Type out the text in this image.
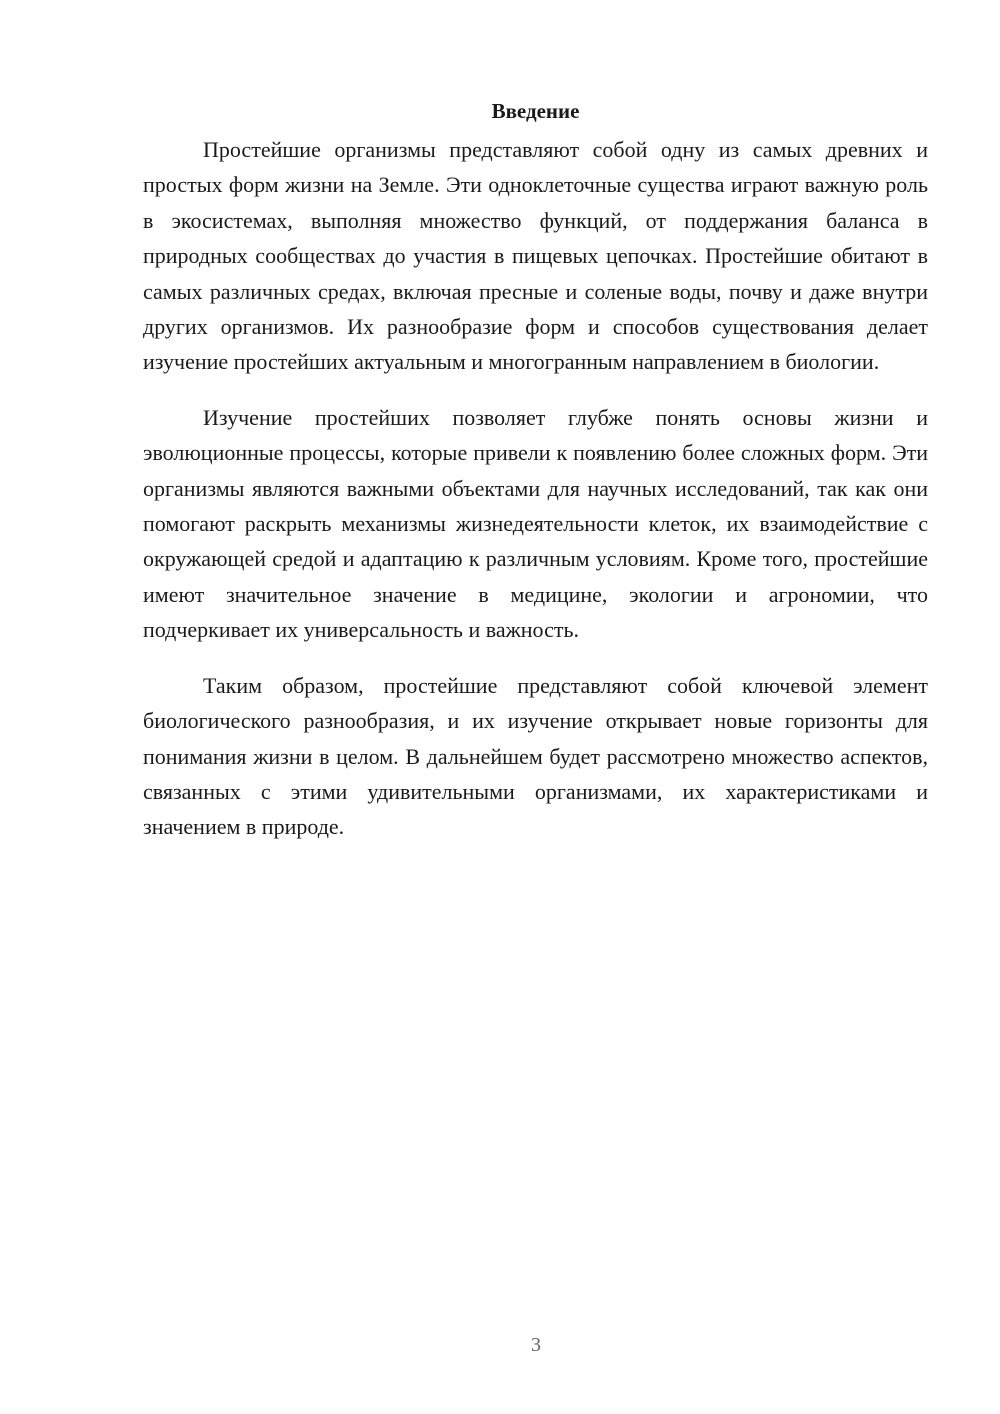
Введение

Простейшие организмы представляют собой одну из самых древних и простых форм жизни на Земле. Эти одноклеточные существа играют важную роль в экосистемах, выполняя множество функций, от поддержания баланса в природных сообществах до участия в пищевых цепочках. Простейшие обитают в самых различных средах, включая пресные и соленые воды, почву и даже внутри других организмов. Их разнообразие форм и способов существования делает изучение простейших актуальным и многогранным направлением в биологии.

Изучение простейших позволяет глубже понять основы жизни и эволюционные процессы, которые привели к появлению более сложных форм. Эти организмы являются важными объектами для научных исследований, так как они помогают раскрыть механизмы жизнедеятельности клеток, их взаимодействие с окружающей средой и адаптацию к различным условиям. Кроме того, простейшие имеют значительное значение в медицине, экологии и агрономии, что подчеркивает их универсальность и важность.

Таким образом, простейшие представляют собой ключевой элемент биологического разнообразия, и их изучение открывает новые горизонты для понимания жизни в целом. В дальнейшем будет рассмотрено множество аспектов, связанных с этими удивительными организмами, их характеристиками и значением в природе.

3
